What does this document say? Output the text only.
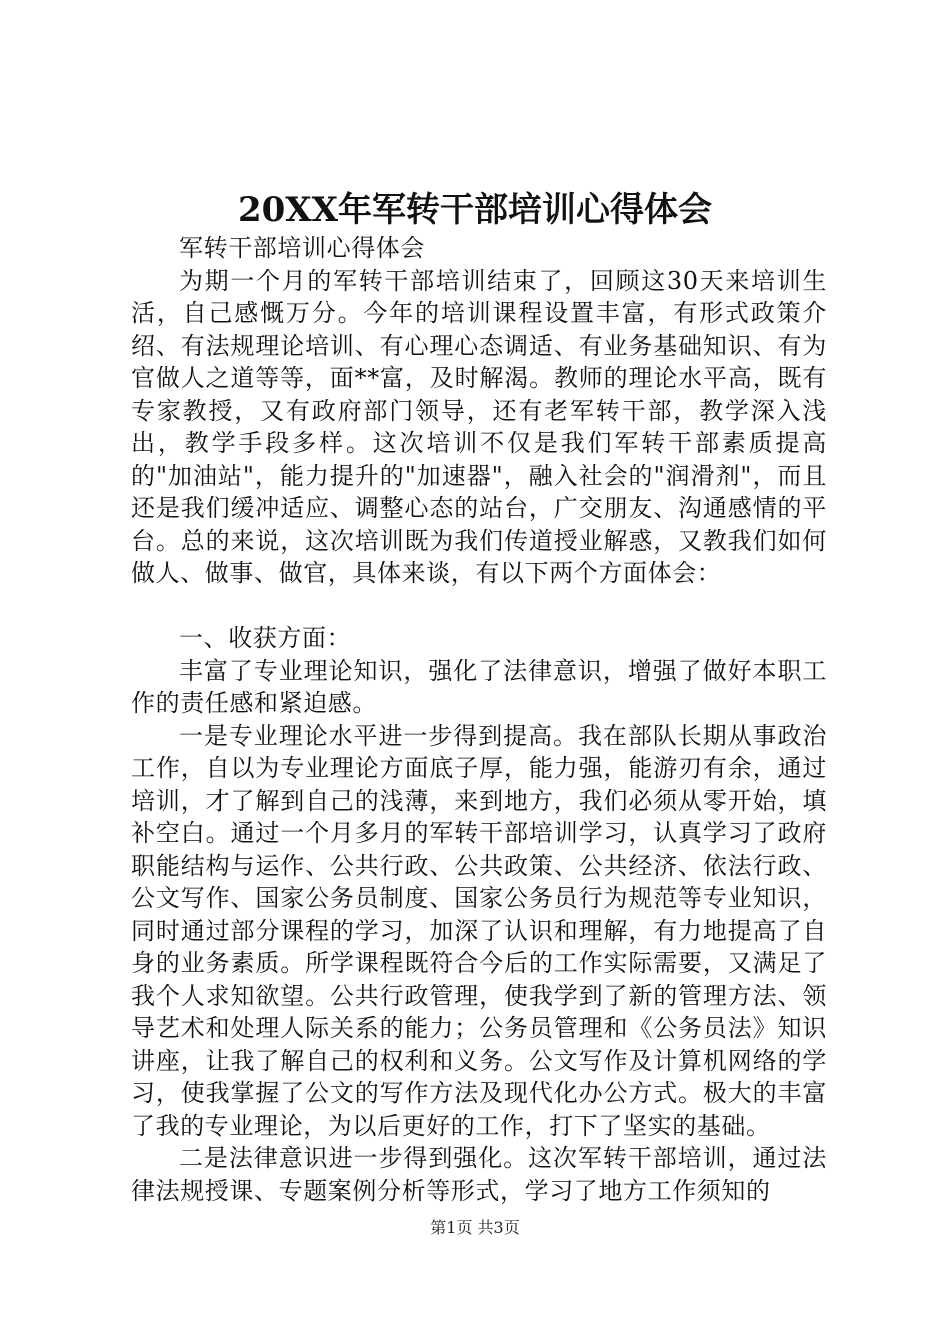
20XX年军转干部培训心得体会

军转干部培训心得体会

为期一个月的军转干部培训结束了，回顾这30天来培训生活，自己感慨万分。今年的培训课程设置丰富，有形式政策介绍、有法规理论培训、有心理心态调适、有业务基础知识、有为官做人之道等等，面**富，及时解渴。教师的理论水平高，既有专家教授，又有政府部门领导，还有老军转干部，教学深入浅出，教学手段多样。这次培训不仅是我们军转干部素质提高的"加油站"，能力提升的"加速器"，融入社会的"润滑剂"，而且还是我们缓冲适应、调整心态的站台，广交朋友、沟通感情的平台。总的来说，这次培训既为我们传道授业解惑，又教我们如何做人、做事、做官，具体来谈，有以下两个方面体会：

一、收获方面：

丰富了专业理论知识，强化了法律意识，增强了做好本职工作的责任感和紧迫感。

一是专业理论水平进一步得到提高。我在部队长期从事政治工作，自以为专业理论方面底子厚，能力强，能游刃有余，通过培训，才了解到自己的浅薄，来到地方，我们必须从零开始，填补空白。通过一个月多月的军转干部培训学习，认真学习了政府职能结构与运作、公共行政、公共政策、公共经济、依法行政、公文写作、国家公务员制度、国家公务员行为规范等专业知识，同时通过部分课程的学习，加深了认识和理解，有力地提高了自身的业务素质。所学课程既符合今后的工作实际需要，又满足了我个人求知欲望。公共行政管理，使我学到了新的管理方法、领导艺术和处理人际关系的能力；公务员管理和《公务员法》知识讲座，让我了解自己的权利和义务。公文写作及计算机网络的学习，使我掌握了公文的写作方法及现代化办公方式。极大的丰富了我的专业理论，为以后更好的工作，打下了坚实的基础。

二是法律意识进一步得到强化。这次军转干部培训，通过法律法规授课、专题案例分析等形式，学习了地方工作须知的

第1页 共3页
